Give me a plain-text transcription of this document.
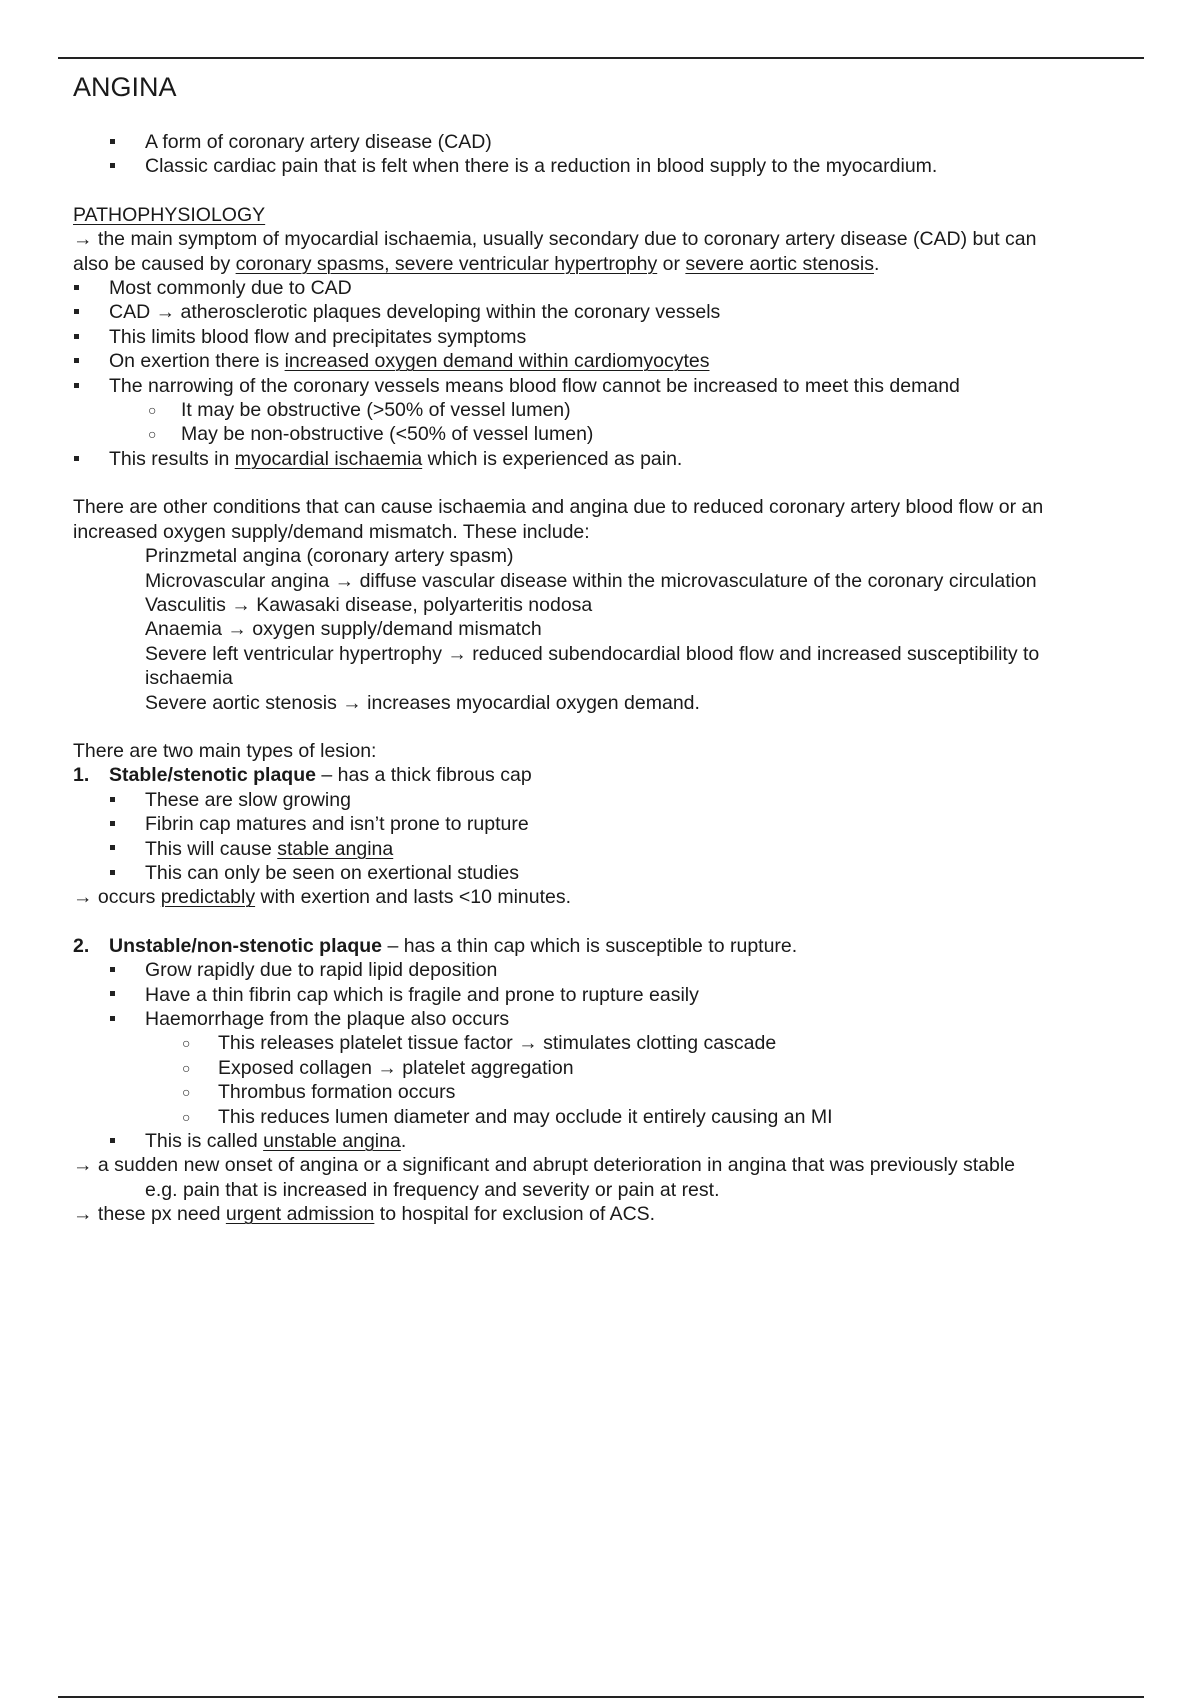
ANGINA
A form of coronary artery disease (CAD)
Classic cardiac pain that is felt when there is a reduction in blood supply to the myocardium.

PATHOPHYSIOLOGY

→ the main symptom of myocardial ischaemia, usually secondary due to coronary artery disease (CAD) but can

also be caused by coronary spasms, severe ventricular hypertrophy or severe aortic stenosis.

Most commonly due to CAD
CAD → atherosclerotic plaques developing within the coronary vessels
This limits blood flow and precipitates symptoms
On exertion there is increased oxygen demand within cardiomyocytes
The narrowing of the coronary vessels means blood flow cannot be increased to meet this demand
○ It may be obstructive (>50% of vessel lumen)
○ May be non-obstructive (<50% of vessel lumen)
This results in myocardial ischaemia which is experienced as pain.

There are other conditions that can cause ischaemia and angina due to reduced coronary artery blood flow or an

increased oxygen supply/demand mismatch. These include:

Prinzmetal angina (coronary artery spasm)

Microvascular angina → diffuse vascular disease within the microvasculature of the coronary circulation

Vasculitis → Kawasaki disease, polyarteritis nodosa

Anaemia → oxygen supply/demand mismatch

Severe left ventricular hypertrophy → reduced subendocardial blood flow and increased susceptibility to

ischaemia

Severe aortic stenosis → increases myocardial oxygen demand.

There are two main types of lesion:

1. Stable/stenotic plaque – has a thick fibrous cap
These are slow growing
Fibrin cap matures and isn’t prone to rupture
This will cause stable angina
This can only be seen on exertional studies

→ occurs predictably with exertion and lasts <10 minutes.

2. Unstable/non-stenotic plaque – has a thin cap which is susceptible to rupture.
Grow rapidly due to rapid lipid deposition
Have a thin fibrin cap which is fragile and prone to rupture easily
Haemorrhage from the plaque also occurs
○ This releases platelet tissue factor → stimulates clotting cascade
○ Exposed collagen → platelet aggregation
○ Thrombus formation occurs
○ This reduces lumen diameter and may occlude it entirely causing an MI
This is called unstable angina.

→ a sudden new onset of angina or a significant and abrupt deterioration in angina that was previously stable

e.g. pain that is increased in frequency and severity or pain at rest.

→ these px need urgent admission to hospital for exclusion of ACS.
